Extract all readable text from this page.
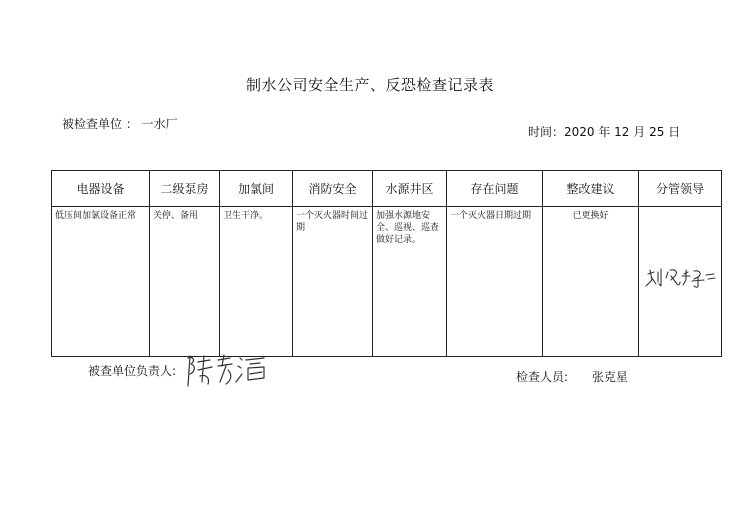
制水公司安全生产、反恐检查记录表
被检查单位 ： 一水厂
时间：2020 年 12 月 25 日
电器设备	二级泵房	加氯间	消防安全	水源井区	存在问题	整改建议	分管领导
低压间加氯设备正常	关停、备用	卫生干净。	一个灭火器时间过期	加强水源地安全、巡视、巡查做好记录。	一个灭火器日期过期	已更换好	
被查单位负责人:	检查人员: 张克星
